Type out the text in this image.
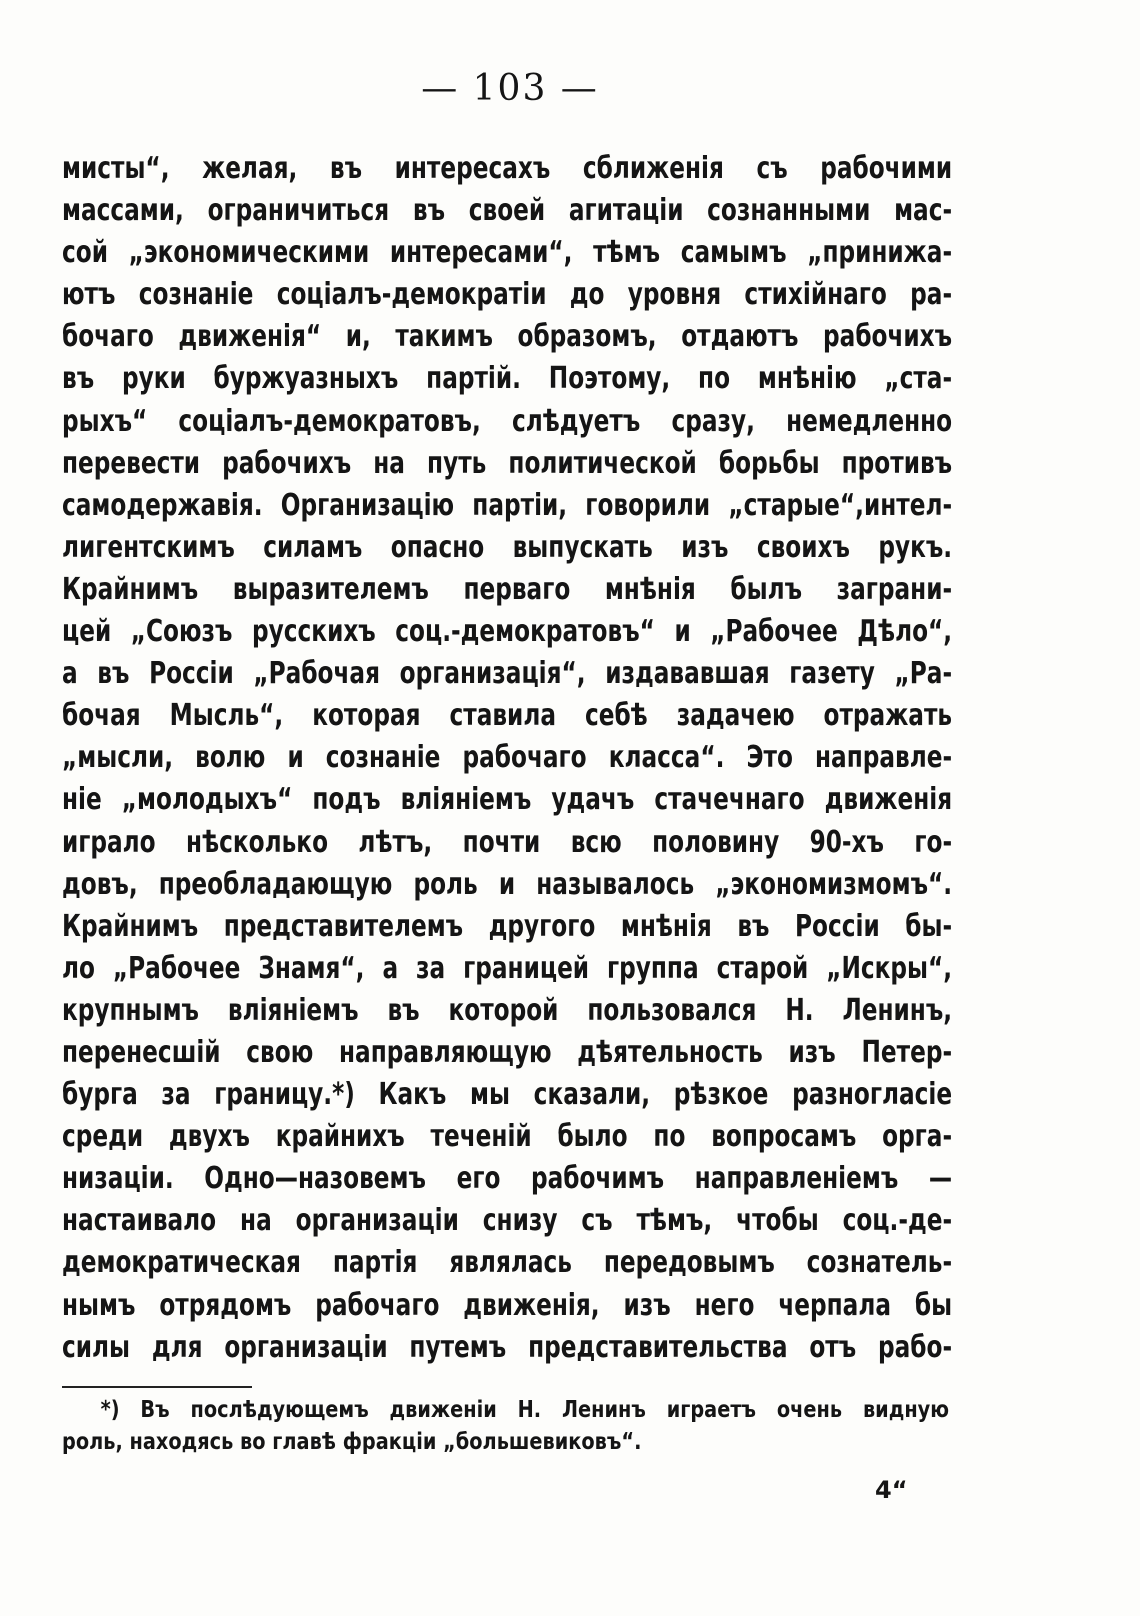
— 103 —
мисты“, желая, въ интересахъ сближенія съ рабочими
массами, ограничиться въ своей агитаціи сознанными мас-
сой „экономическими интересами“, тѣмъ самымъ „принижа-
ютъ сознаніе соціалъ-демократіи до уровня стихійнаго ра-
бочаго движенія“ и, такимъ образомъ, отдаютъ рабочихъ
въ руки буржуазныхъ партій. Поэтому, по мнѣнію „ста-
рыхъ“ соціалъ-демократовъ, слѣдуетъ сразу, немедленно
перевести рабочихъ на путь политической борьбы противъ
самодержавія. Организацію партіи, говорили „старые“,интел-
лигентскимъ силамъ опасно выпускать изъ своихъ рукъ.
Крайнимъ выразителемъ перваго мнѣнія былъ заграни-
цей „Союзъ русскихъ соц.-демократовъ“ и „Рабочее Дѣло“,
а въ Россіи „Рабочая организація“, издававшая газету „Ра-
бочая Мысль“, которая ставила себѣ задачею отражать
„мысли, волю и сознаніе рабочаго класса“. Это направле-
ніе „молодыхъ“ подъ вліяніемъ удачъ стачечнаго движенія
играло нѣсколько лѣтъ, почти всю половину 90-хъ го-
довъ, преобладающую роль и называлось „экономизмомъ“.
Крайнимъ представителемъ другого мнѣнія въ Россіи бы-
ло „Рабочее Знамя“, а за границей группа старой „Искры“,
крупнымъ вліяніемъ въ которой пользовался Н. Ленинъ,
перенесшій свою направляющую дѣятельность изъ Петер-
бурга за границу.*) Какъ мы сказали, рѣзкое разногласіе
среди двухъ крайнихъ теченій было по вопросамъ орга-
низаціи. Одно—назовемъ его рабочимъ направленіемъ —
настаивало на организаціи снизу съ тѣмъ, чтобы соц.-де-
демократическая партія являлась передовымъ сознатель-
нымъ отрядомъ рабочаго движенія, изъ него черпала бы
силы для организаціи путемъ представительства отъ рабо-
*) Въ послѣдующемъ движеніи Н. Ленинъ играетъ очень видную
роль, находясь во главѣ фракціи „большевиковъ“.
4“
